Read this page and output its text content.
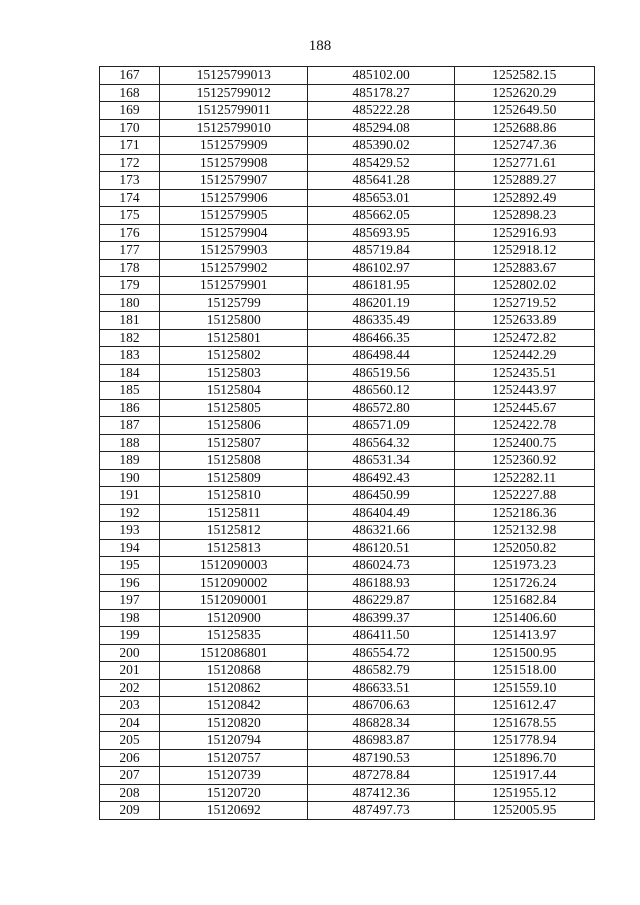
188
167	15125799013	485102.00	1252582.15
168	15125799012	485178.27	1252620.29
169	15125799011	485222.28	1252649.50
170	15125799010	485294.08	1252688.86
171	1512579909	485390.02	1252747.36
172	1512579908	485429.52	1252771.61
173	1512579907	485641.28	1252889.27
174	1512579906	485653.01	1252892.49
175	1512579905	485662.05	1252898.23
176	1512579904	485693.95	1252916.93
177	1512579903	485719.84	1252918.12
178	1512579902	486102.97	1252883.67
179	1512579901	486181.95	1252802.02
180	15125799	486201.19	1252719.52
181	15125800	486335.49	1252633.89
182	15125801	486466.35	1252472.82
183	15125802	486498.44	1252442.29
184	15125803	486519.56	1252435.51
185	15125804	486560.12	1252443.97
186	15125805	486572.80	1252445.67
187	15125806	486571.09	1252422.78
188	15125807	486564.32	1252400.75
189	15125808	486531.34	1252360.92
190	15125809	486492.43	1252282.11
191	15125810	486450.99	1252227.88
192	15125811	486404.49	1252186.36
193	15125812	486321.66	1252132.98
194	15125813	486120.51	1252050.82
195	1512090003	486024.73	1251973.23
196	1512090002	486188.93	1251726.24
197	1512090001	486229.87	1251682.84
198	15120900	486399.37	1251406.60
199	15125835	486411.50	1251413.97
200	1512086801	486554.72	1251500.95
201	15120868	486582.79	1251518.00
202	15120862	486633.51	1251559.10
203	15120842	486706.63	1251612.47
204	15120820	486828.34	1251678.55
205	15120794	486983.87	1251778.94
206	15120757	487190.53	1251896.70
207	15120739	487278.84	1251917.44
208	15120720	487412.36	1251955.12
209	15120692	487497.73	1252005.95
